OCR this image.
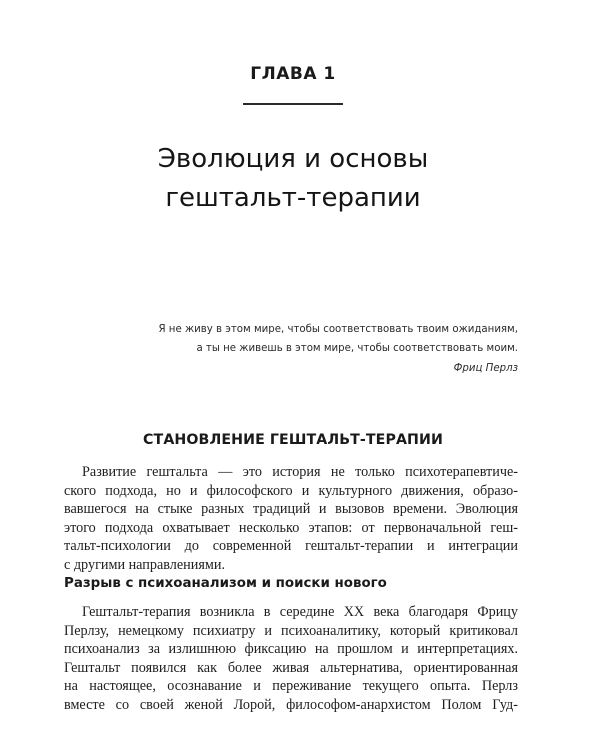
ГЛАВА 1
Эволюция и основы
гештальт-терапии
Я не живу в этом мире, чтобы соответствовать твоим ожиданиям,
а ты не живешь в этом мире, чтобы соответствовать моим.
Фриц Перлз
СТАНОВЛЕНИЕ ГЕШТАЛЬТ-ТЕРАПИИ
Развитие гештальта — это история не только психотерапевтиче-
ского подхода, но и философского и культурного движения, образо-
вавшегося на стыке разных традиций и вызовов времени. Эволюция
этого подхода охватывает несколько этапов: от первоначальной геш-
тальт-психологии до современной гештальт-терапии и интеграции
с другими направлениями.
Разрыв с психоанализом и поиски нового
Гештальт-терапия возникла в середине XX века благодаря Фрицу
Перлзу, немецкому психиатру и психоаналитику, который критиковал
психоанализ за излишнюю фиксацию на прошлом и интерпретациях.
Гештальт появился как более живая альтернатива, ориентированная
на настоящее, осознавание и переживание текущего опыта. Перлз
вместе со своей женой Лорой, философом-анархистом Полом Гуд-
